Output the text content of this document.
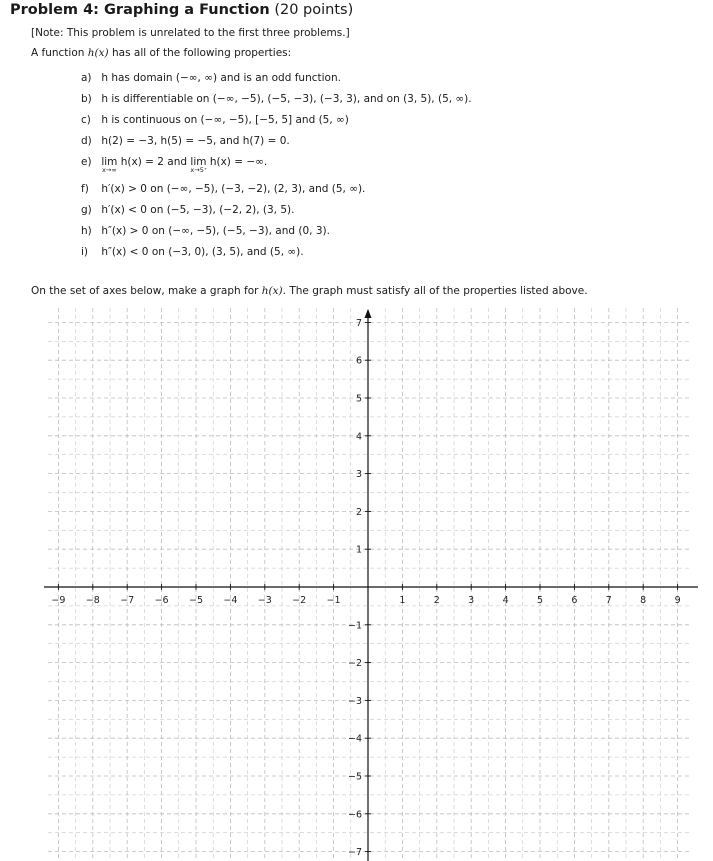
Problem 4: Graphing a Function (20 points)
[Note: This problem is unrelated to the first three problems.]
A function h(x) has all of the following properties:
a) h has domain (−∞, ∞) and is an odd function.
b) h is differentiable on (−∞, −5), (−5, −3), (−3, 3), and on (3, 5), (5, ∞).
c) h is continuous on (−∞, −5), [−5, 5] and (5, ∞)
d) h(2) = −3, h(5) = −5, and h(7) = 0.
e) lim
x→∞
h(x) = 2 and lim
x→5⁺
h(x) = −∞.
f) h′(x) > 0 on (−∞, −5), (−3, −2), (2, 3), and (5, ∞).
g) h′(x) < 0 on (−5, −3), (−2, 2), (3, 5).
h) h″(x) > 0 on (−∞, −5), (−5, −3), and (0, 3).
i) h″(x) < 0 on (−3, 0), (3, 5), and (5, ∞).
On the set of axes below, make a graph for h(x). The graph must satisfy all of the properties listed above.
−9 −8 −7 −6 −5 −4 −3 −2 −1	1	2	3	4	5	6	7	8	9
7
6
5
4
3
2
1
−1
−2
−3
−4
−5
−6
−7
